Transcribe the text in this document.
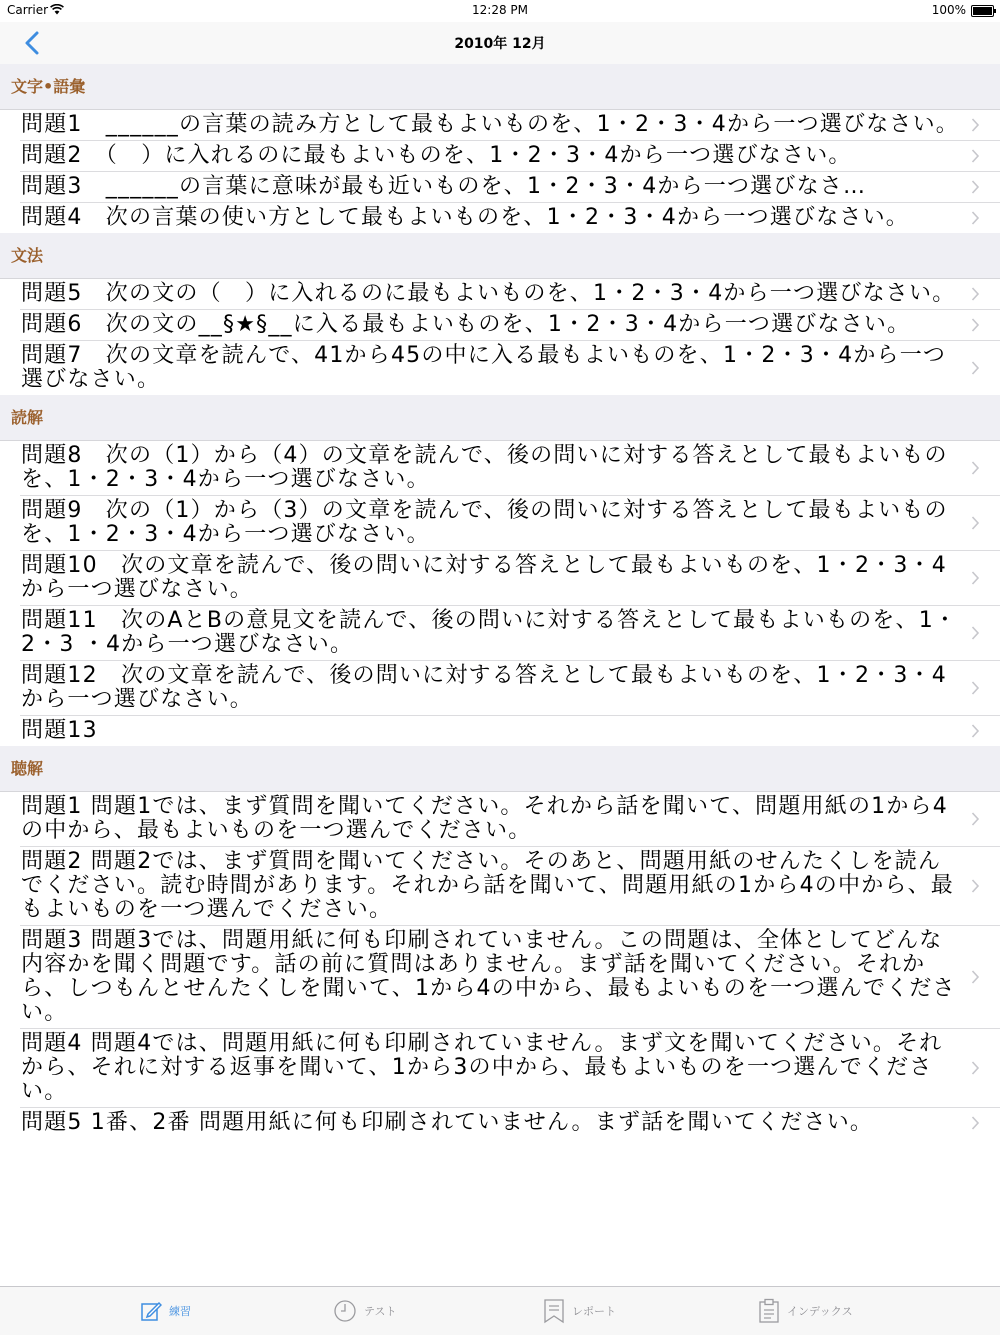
Carrier	12:28 PM	100%
2010年 12月
文字•語彙
問題1　______の言葉の読み方として最もよいものを、1・2・3・4から一つ選びなさい。
問題2　（　）に入れるのに最もよいものを、1・2・3・4から一つ選びなさい。
問題3　______の言葉に意味が最も近いものを、1・2・3・4から一つ選びなさ…
問題4　次の言葉の使い方として最もよいものを、1・2・3・4から一つ選びなさい。
文法
問題5　次の文の（　）に入れるのに最もよいものを、1・2・3・4から一つ選びなさい。
問題6　次の文の__§★§__に入る最もよいものを、1・2・3・4から一つ選びなさい。
問題7　次の文章を読んで、41から45の中に入る最もよいものを、1・2・3・4から一つ選びなさい。
読解
問題8　次の（1）から（4）の文章を読んで、後の問いに対する答えとして最もよいものを、1・2・3・4から一つ選びなさい。
問題9　次の（1）から（3）の文章を読んで、後の問いに対する答えとして最もよいものを、1・2・3・4から一つ選びなさい。
問題10　次の文章を読んで、後の問いに対する答えとして最もよいものを、1・2・3・4から一つ選びなさい。
問題11　次のAとBの意見文を読んで、後の問いに対する答えとして最もよいものを、1・2・3 ・4から一つ選びなさい。
問題12　次の文章を読んで、後の問いに対する答えとして最もよいものを、1・2・3・4から一つ選びなさい。
問題13
聴解
問題1 問題1では、まず質問を聞いてください。それから話を聞いて、問題用紙の1から4の中から、最もよいものを一つ選んでください。
問題2 問題2では、まず質問を聞いてください。そのあと、問題用紙のせんたくしを読んでください。読む時間があります。それから話を聞いて、問題用紙の1から4の中から、最もよいものを一つ選んでください。
問題3 問題3では、問題用紙に何も印刷されていません。この問題は、全体としてどんな内容かを聞く問題です。話の前に質問はありません。まず話を聞いてください。それから、しつもんとせんたくしを聞いて、1から4の中から、最もよいものを一つ選んでください。
問題4 問題4では、問題用紙に何も印刷されていません。まず文を聞いてください。それから、それに対する返事を聞いて、1から3の中から、最もよいものを一つ選んでください。
問題5 1番、2番 問題用紙に何も印刷されていません。まず話を聞いてください。
練習	テスト	レポート	インデックス
